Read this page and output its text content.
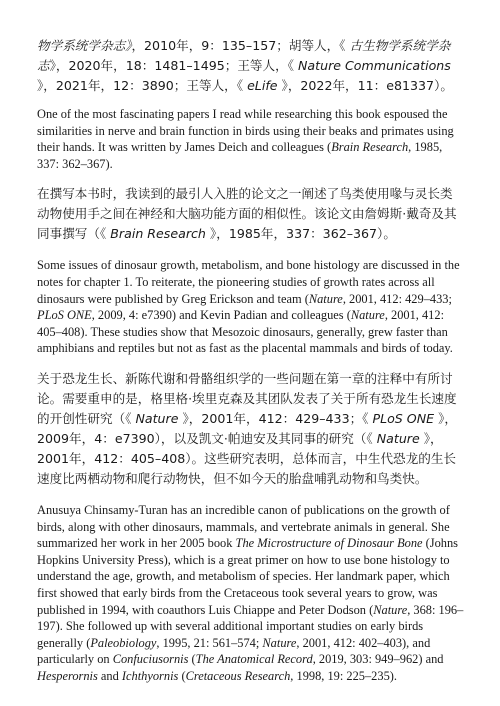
物学系统学杂志》，2010年，9：135–157；胡等人，《 古生物学系统学杂志》，2020年，18：1481–1495；王等人，《 Nature Communications 》，2021年，12：3890；王等人，《 eLife 》，2022年，11：e81337）。

One of the most fascinating papers I read while researching this book espoused the similarities in nerve and brain function in birds using their beaks and primates using their hands. It was written by James Deich and colleagues (Brain Research, 1985, 337: 362–367).

在撰写本书时，我读到的最引人入胜的论文之一阐述了鸟类使用喙与灵长类动物使用手之间在神经和大脑功能方面的相似性。该论文由詹姆斯·戴奇及其同事撰写（《 Brain Research 》，1985年，337：362–367）。

Some issues of dinosaur growth, metabolism, and bone histology are discussed in the notes for chapter 1. To reiterate, the pioneering studies of growth rates across all dinosaurs were published by Greg Erickson and team (Nature, 2001, 412: 429–433; PLoS ONE, 2009, 4: e7390) and Kevin Padian and colleagues (Nature, 2001, 412: 405–408). These studies show that Mesozoic dinosaurs, generally, grew faster than amphibians and reptiles but not as fast as the placental mammals and birds of today.

关于恐龙生长、新陈代谢和骨骼组织学的一些问题在第一章的注释中有所讨论。需要重申的是，格里格·埃里克森及其团队发表了关于所有恐龙生长速度的开创性研究（《 Nature 》，2001年，412：429–433；《 PLoS ONE 》，2009年，4：e7390），以及凯文·帕迪安及其同事的研究（《 Nature 》，2001年，412：405–408）。这些研究表明，总体而言，中生代恐龙的生长速度比两栖动物和爬行动物快，但不如今天的胎盘哺乳动物和鸟类快。

Anusuya Chinsamy-Turan has an incredible canon of publications on the growth of birds, along with other dinosaurs, mammals, and vertebrate animals in general. She summarized her work in her 2005 book The Microstructure of Dinosaur Bone (Johns Hopkins University Press), which is a great primer on how to use bone histology to understand the age, growth, and metabolism of species. Her landmark paper, which first showed that early birds from the Cretaceous took several years to grow, was published in 1994, with coauthors Luis Chiappe and Peter Dodson (Nature, 368: 196–197). She followed up with several additional important studies on early birds generally (Paleobiology, 1995, 21: 561–574; Nature, 2001, 412: 402–403), and particularly on Confuciusornis (The Anatomical Record, 2019, 303: 949–962) and Hesperornis and Ichthyornis (Cretaceous Research, 1998, 19: 225–235).
